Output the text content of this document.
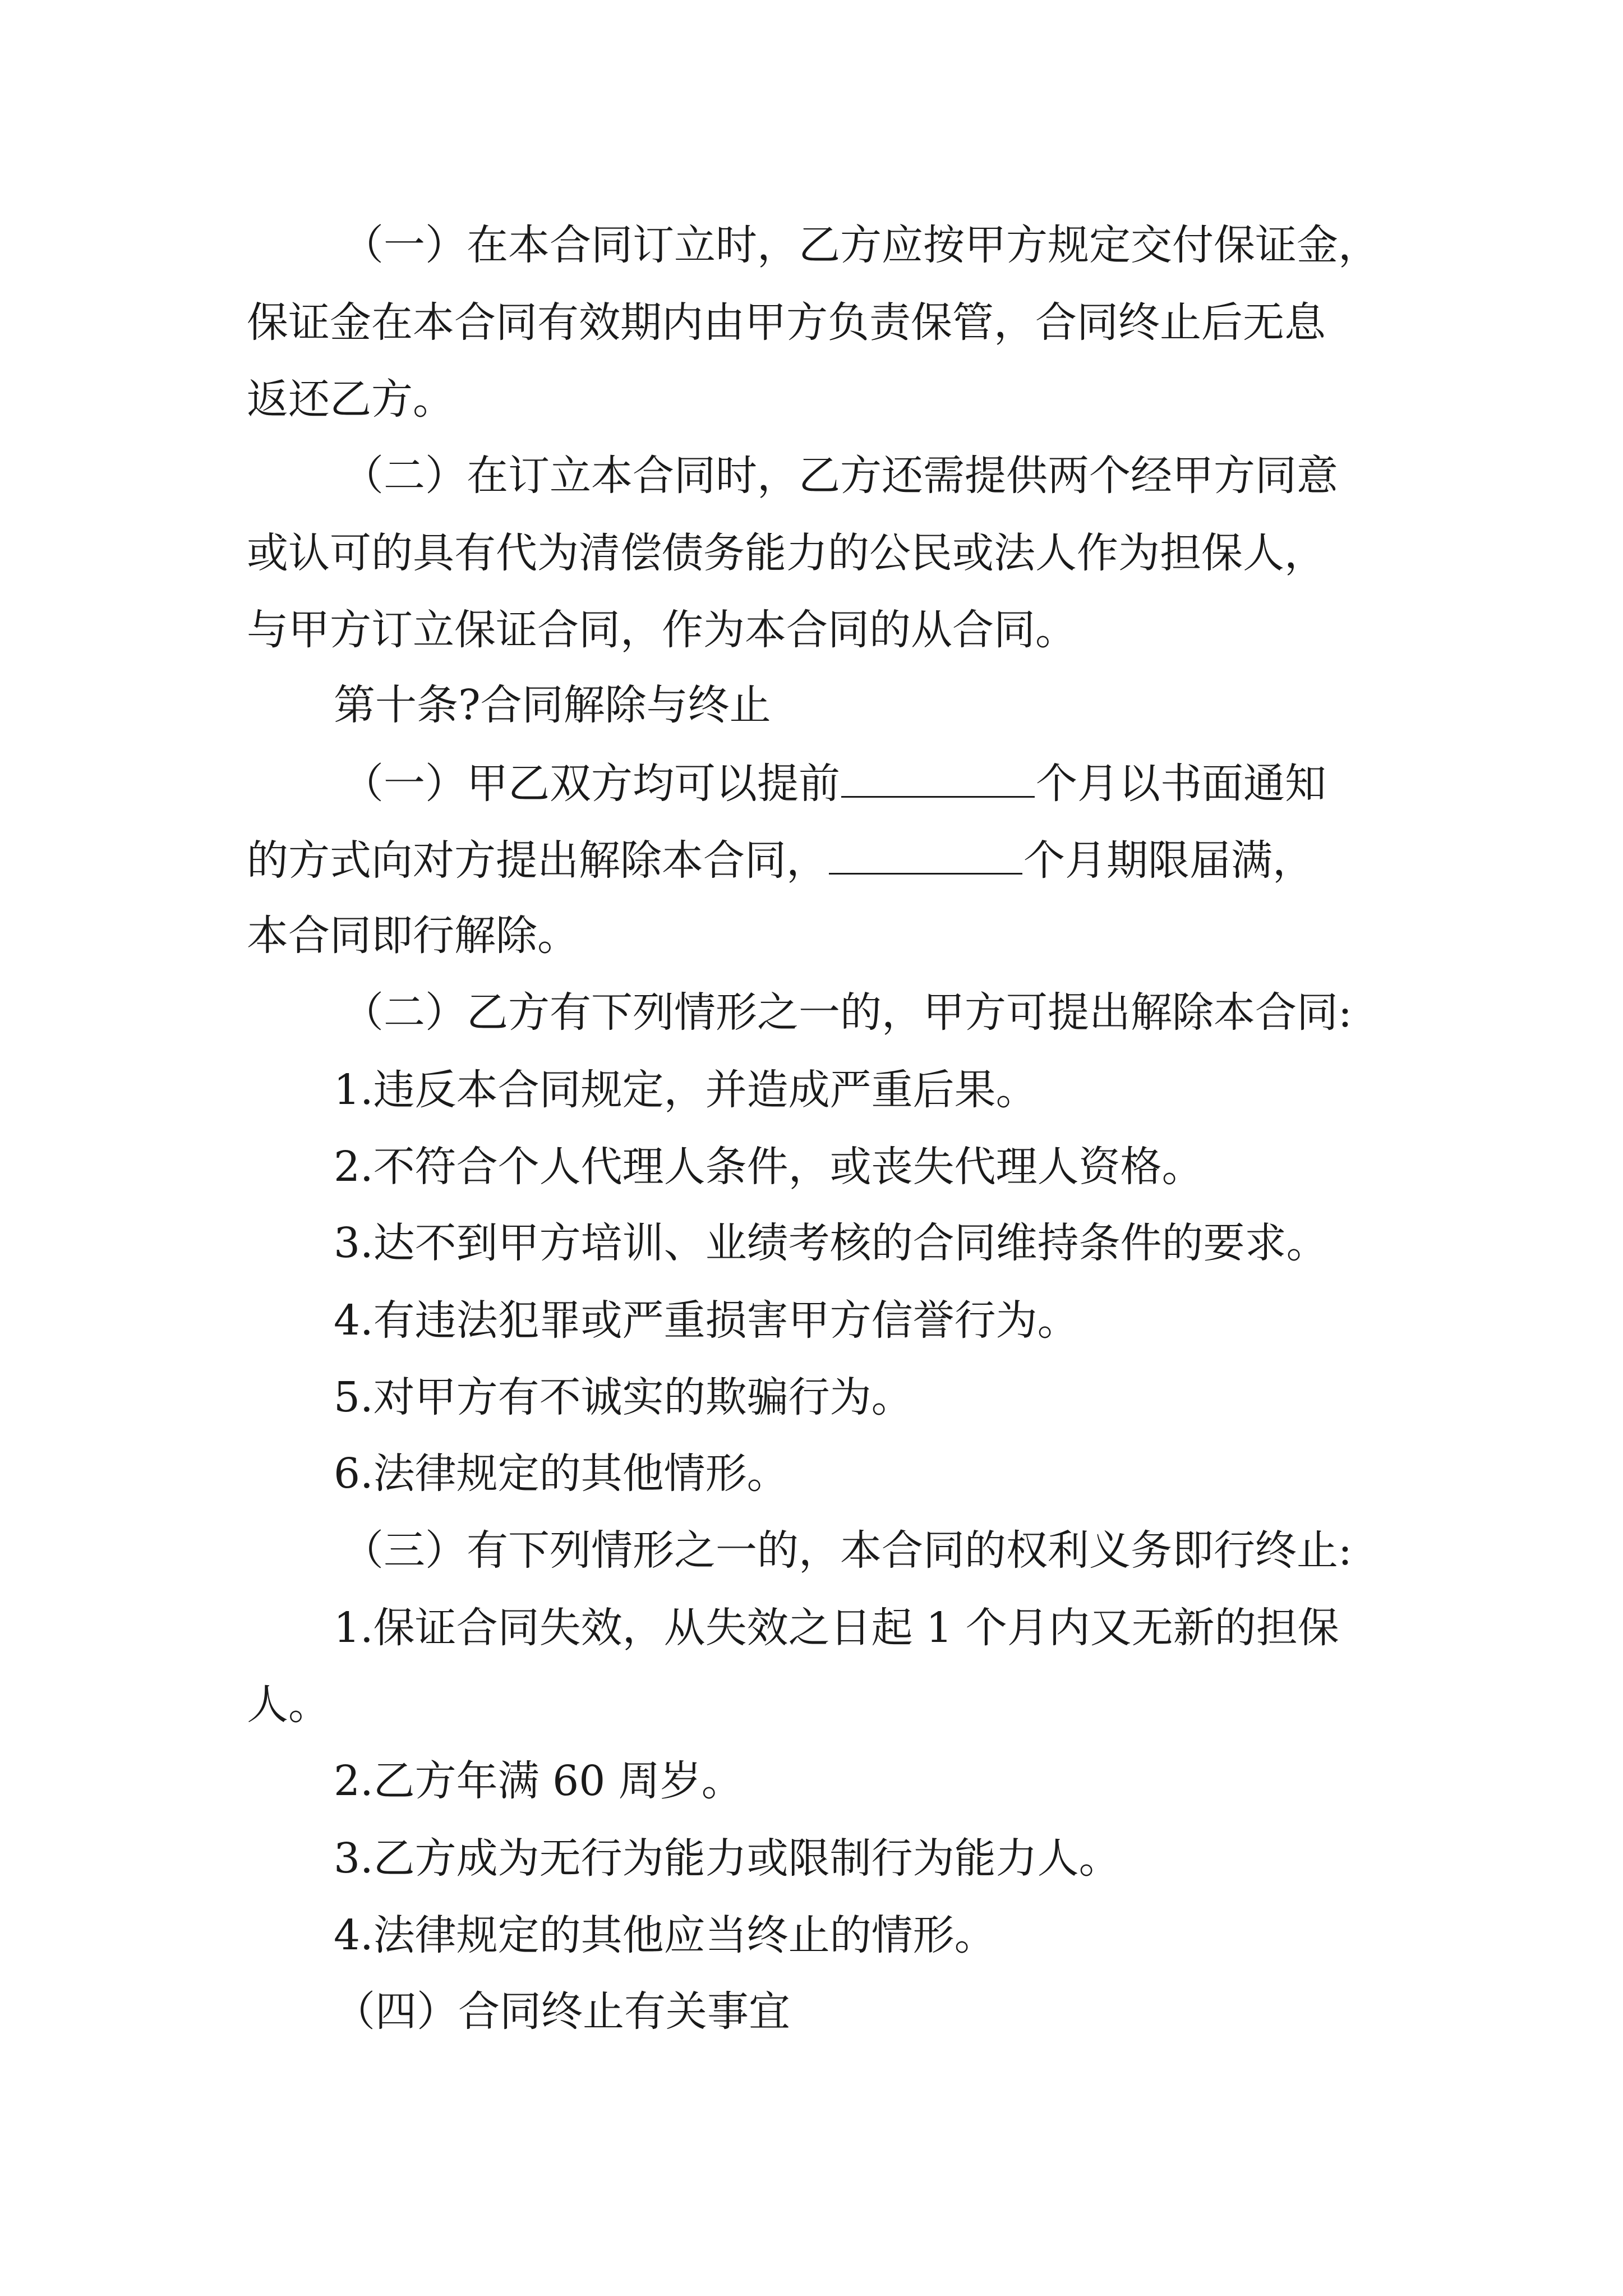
（一）在本合同订立时，乙方应按甲方规定交付保证金，

保证金在本合同有效期内由甲方负责保管，合同终止后无息

返还乙方。

（二）在订立本合同时，乙方还需提供两个经甲方同意

或认可的具有代为清偿债务能力的公民或法人作为担保人，

与甲方订立保证合同，作为本合同的从合同。

第十条?合同解除与终止

（一）甲乙双方均可以提前	个月以书面通知

的方式向对方提出解除本合同，	个月期限届满，

本合同即行解除。

（二）乙方有下列情形之一的，甲方可提出解除本合同:

1.违反本合同规定，并造成严重后果。

2.不符合个人代理人条件，或丧失代理人资格。

3.达不到甲方培训、业绩考核的合同维持条件的要求。

4.有违法犯罪或严重损害甲方信誉行为。

5.对甲方有不诚实的欺骗行为。

6.法律规定的其他情形。

（三）有下列情形之一的，本合同的权利义务即行终止:

1.保证合同失效，从失效之日起 1 个月内又无新的担保

人。

2.乙方年满 60 周岁。

3.乙方成为无行为能力或限制行为能力人。

4.法律规定的其他应当终止的情形。

（四）合同终止有关事宜
